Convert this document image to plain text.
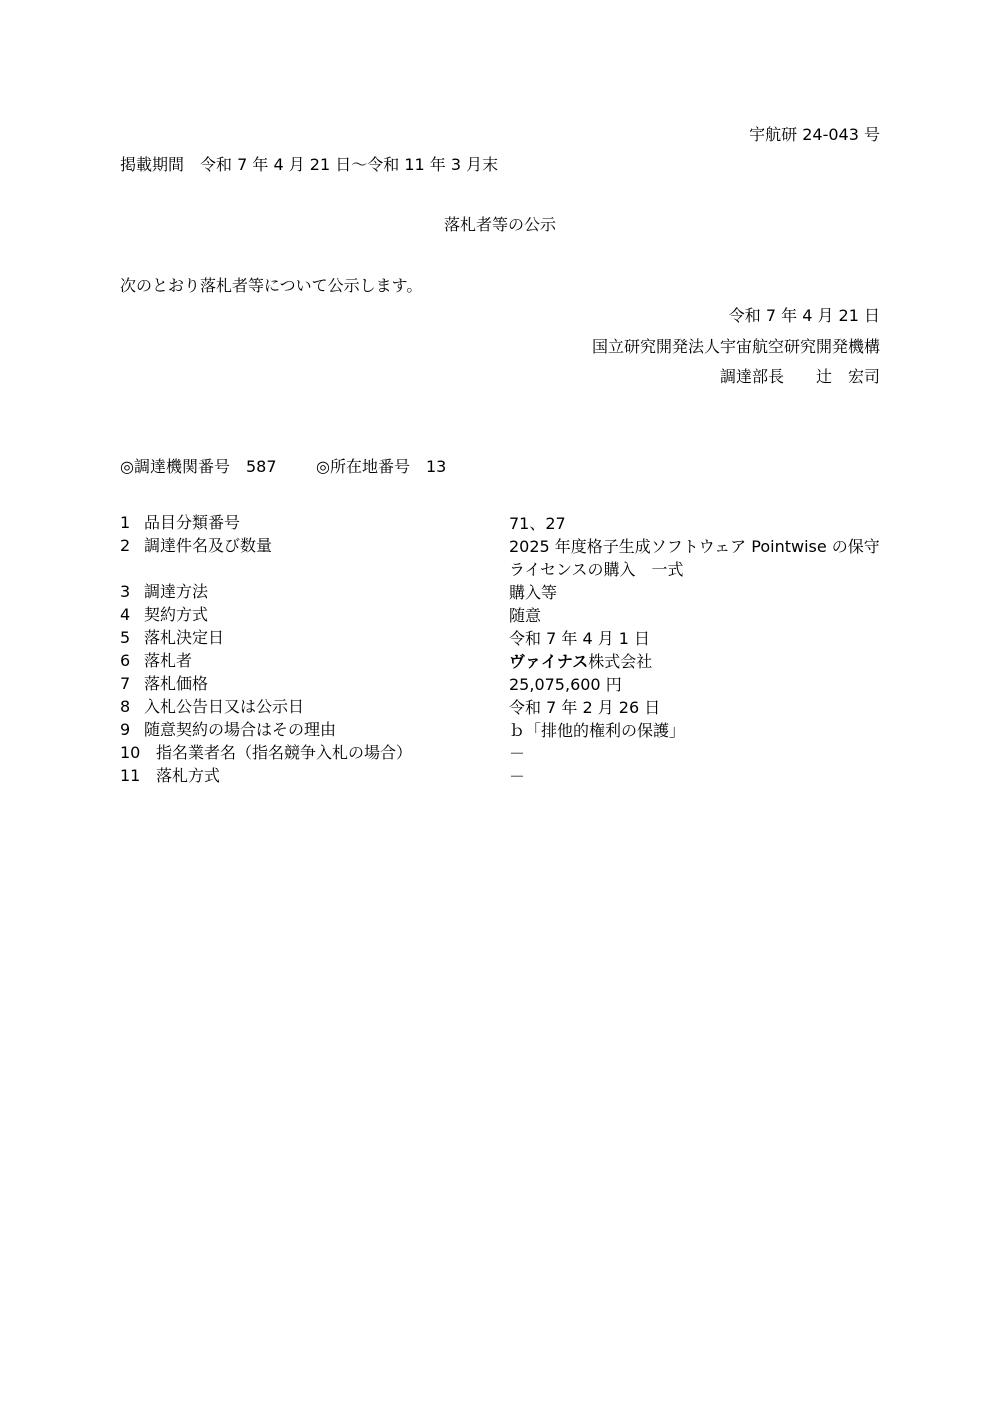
宇航研 24-043 号
掲載期間　令和 7 年 4 月 21 日～令和 11 年 3 月末
落札者等の公示
次のとおり落札者等について公示します。
令和 7 年 4 月 21 日
国立研究開発法人宇宙航空研究開発機構
調達部長　　辻　宏司
◎調達機関番号　587 ◎所在地番号　13
1 品目分類番号	71、27
2 調達件名及び数量	2025 年度格子生成ソフトウェア Pointwise の保守ライセンスの購入　一式
3 調達方法	購入等
4 契約方式	随意
5 落札決定日	令和 7 年 4 月 1 日
6 落札者	ヴァイナス株式会社
7 落札価格	25,075,600 円
8 入札公告日又は公示日	令和 7 年 2 月 26 日
9 随意契約の場合はその理由	ｂ「排他的権利の保護」
10 指名業者名（指名競争入札の場合）	－
11 落札方式	－
